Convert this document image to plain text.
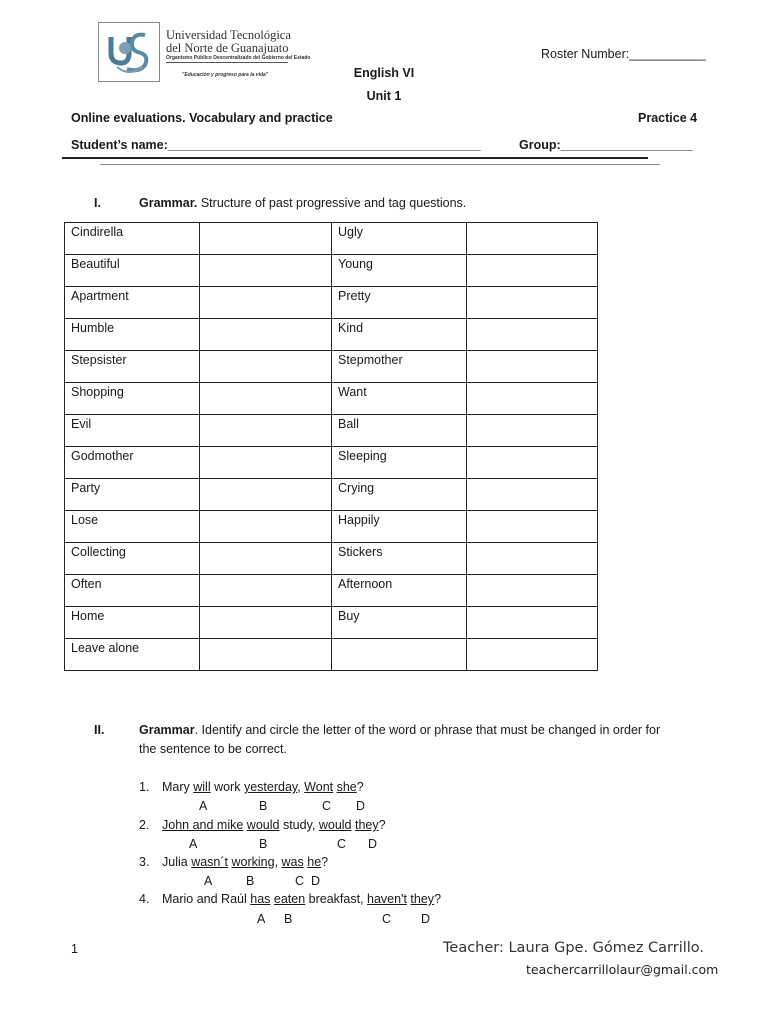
Universidad Tecnológica
del Norte de Guanajuato
Organismo Público Descentralizado del Gobierno del Estado
"Educación y progreso para la vida"
Roster Number:___________
English VI
Unit 1
Online evaluations. Vocabulary and practice	Practice 4
Student’s name:_____________________________________________	Group:___________________
I.	Grammar. Structure of past progressive and tag questions.
Cindirella		Ugly	

Beautiful		Young	

Apartment		Pretty	

Humble		Kind	

Stepsister		Stepmother	

Shopping		Want	

Evil		Ball	

Godmother		Sleeping	

Party		Crying	

Lose		Happily	

Collecting		Stickers	

Often		Afternoon	

Home		Buy	

Leave alone			

II.	Grammar. Identify and circle the letter of the word or phrase that must be changed in order for
the sentence to be correct.
1. Mary will work yesterday, Wont she?
A	B	C D
2. John and mike would study, would they?
A	B	C D
3. Julia wasn´t working, was he?
A	B	C D
4. Mario and Raúl has eaten breakfast, haven't they?
A B	C D
1	Teacher: Laura Gpe. Gómez Carrillo.
teachercarrillolaur@gmail.com
